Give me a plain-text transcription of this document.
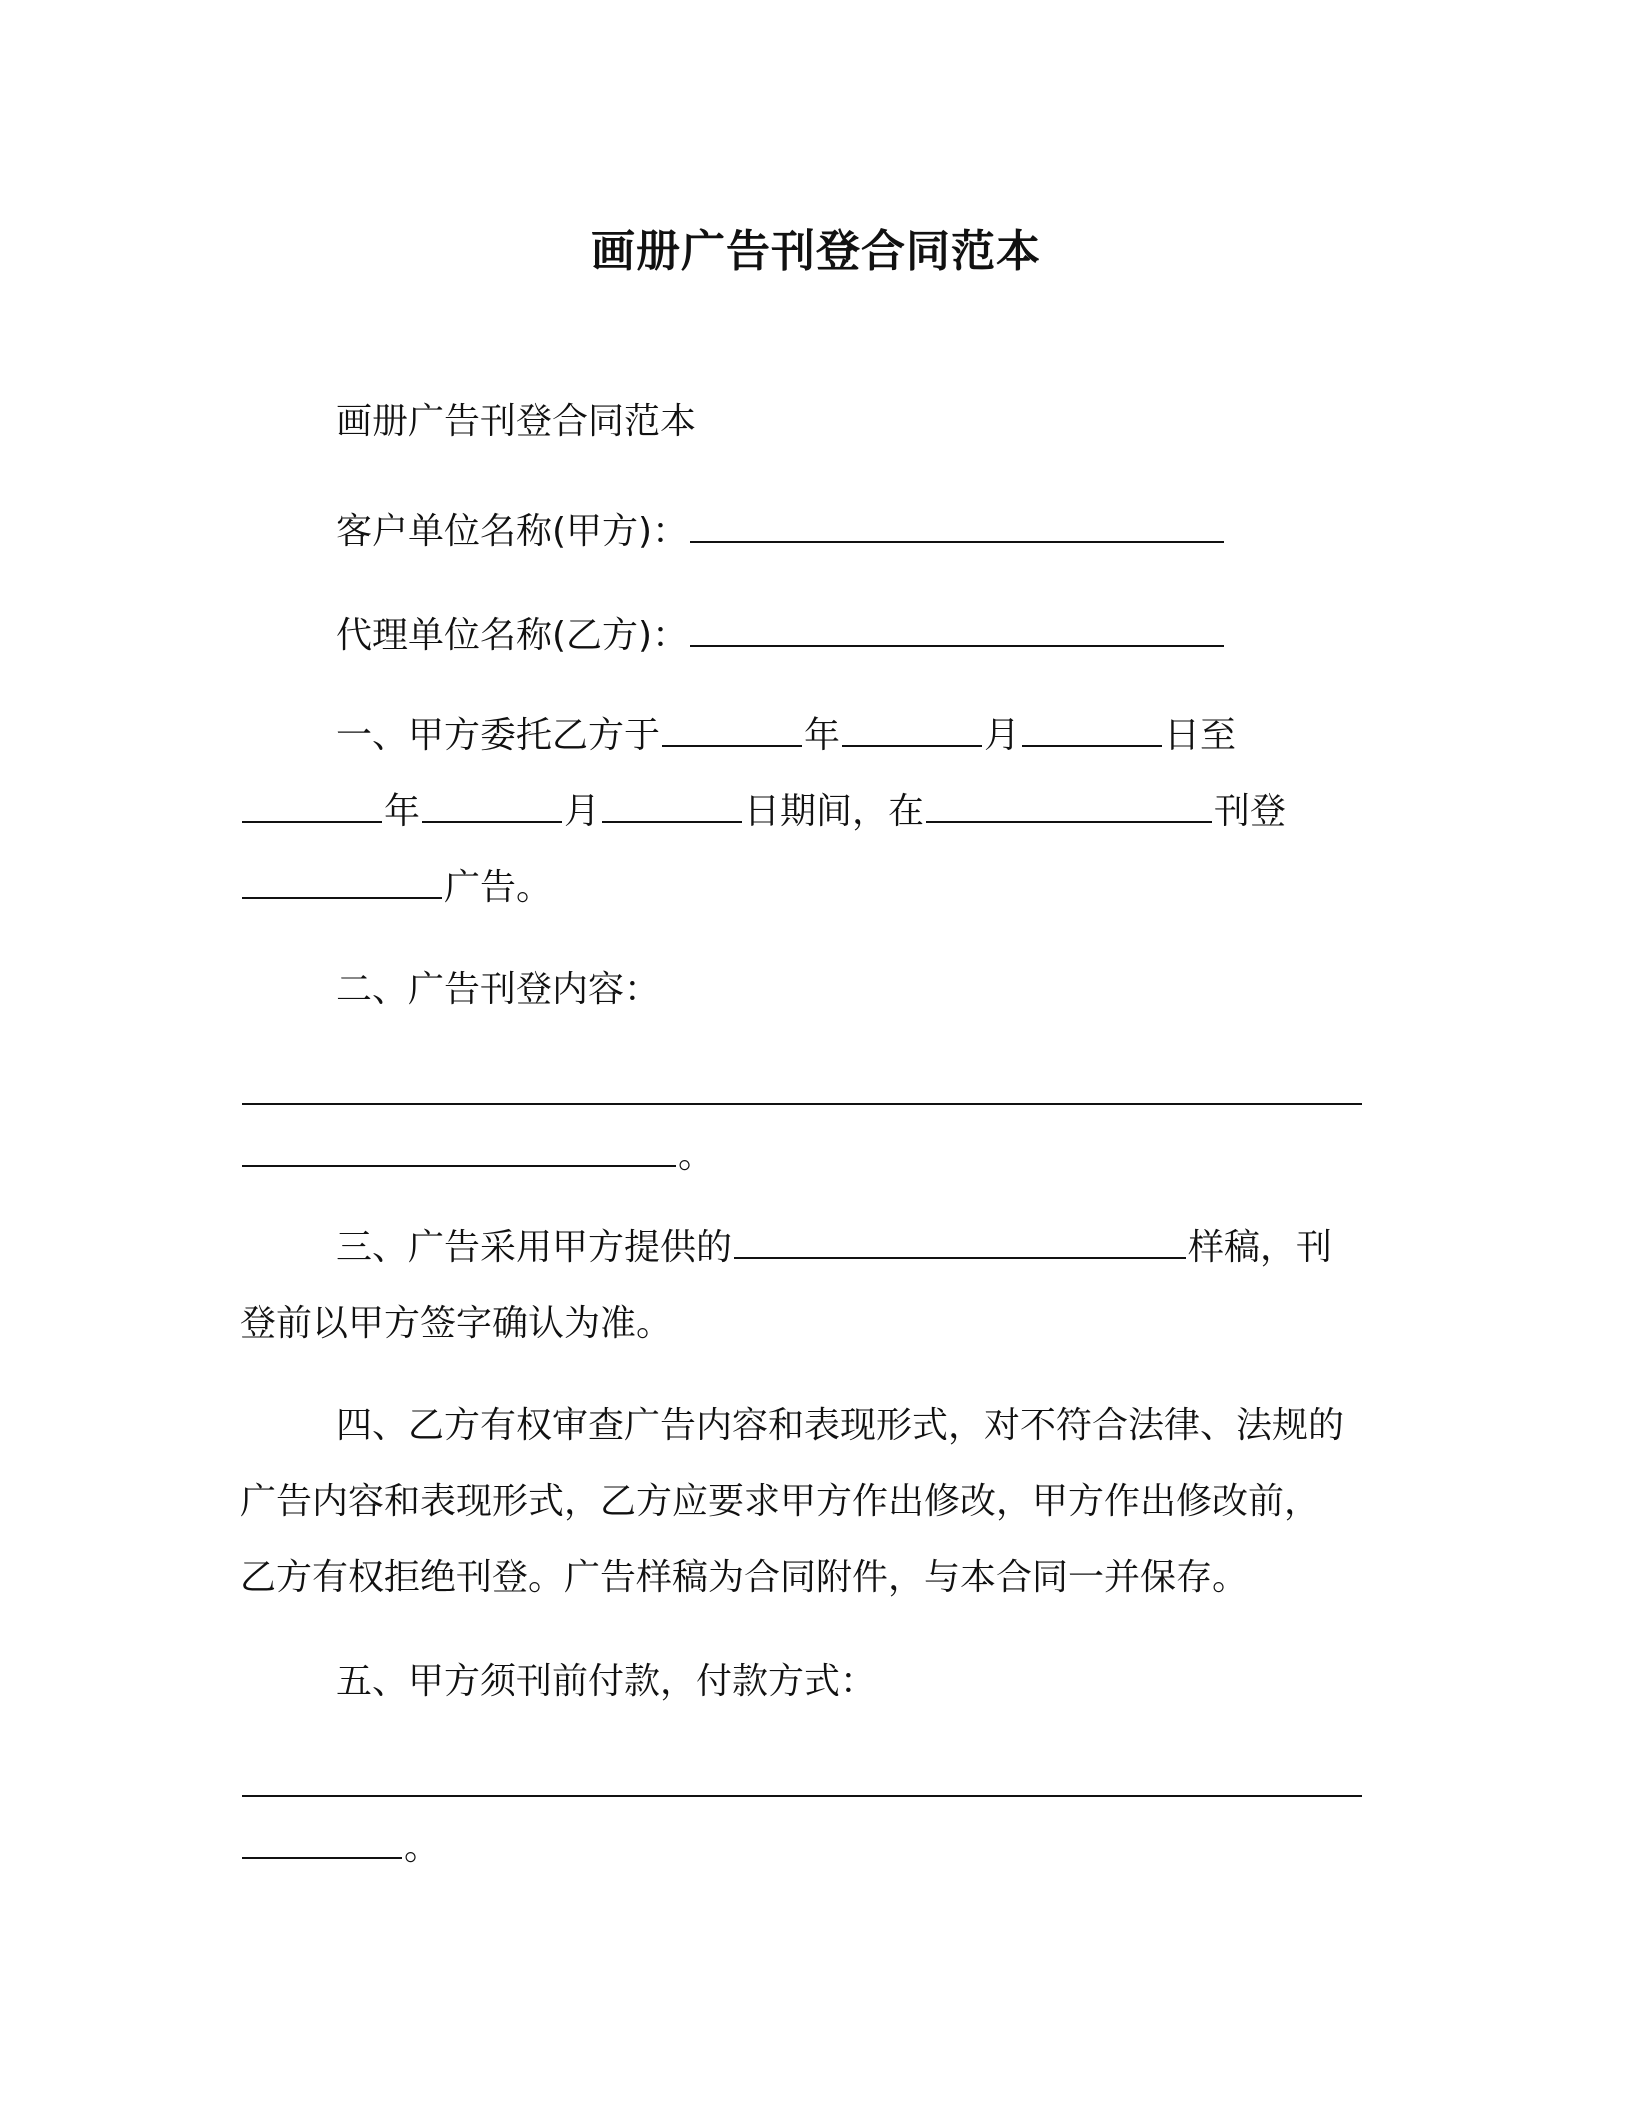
画册广告刊登合同范本
画册广告刊登合同范本
客户单位名称(甲方)：
代理单位名称(乙方)：
一、甲方委托乙方于	年	月	日至
年	月	日期间，在	刊登
广告。
二、广告刊登内容：
。
三、广告采用甲方提供的	样稿，刊
登前以甲方签字确认为准。
四、乙方有权审查广告内容和表现形式，对不符合法律、法规的
广告内容和表现形式，乙方应要求甲方作出修改，甲方作出修改前，
乙方有权拒绝刊登。广告样稿为合同附件，与本合同一并保存。
五、甲方须刊前付款，付款方式：
。
